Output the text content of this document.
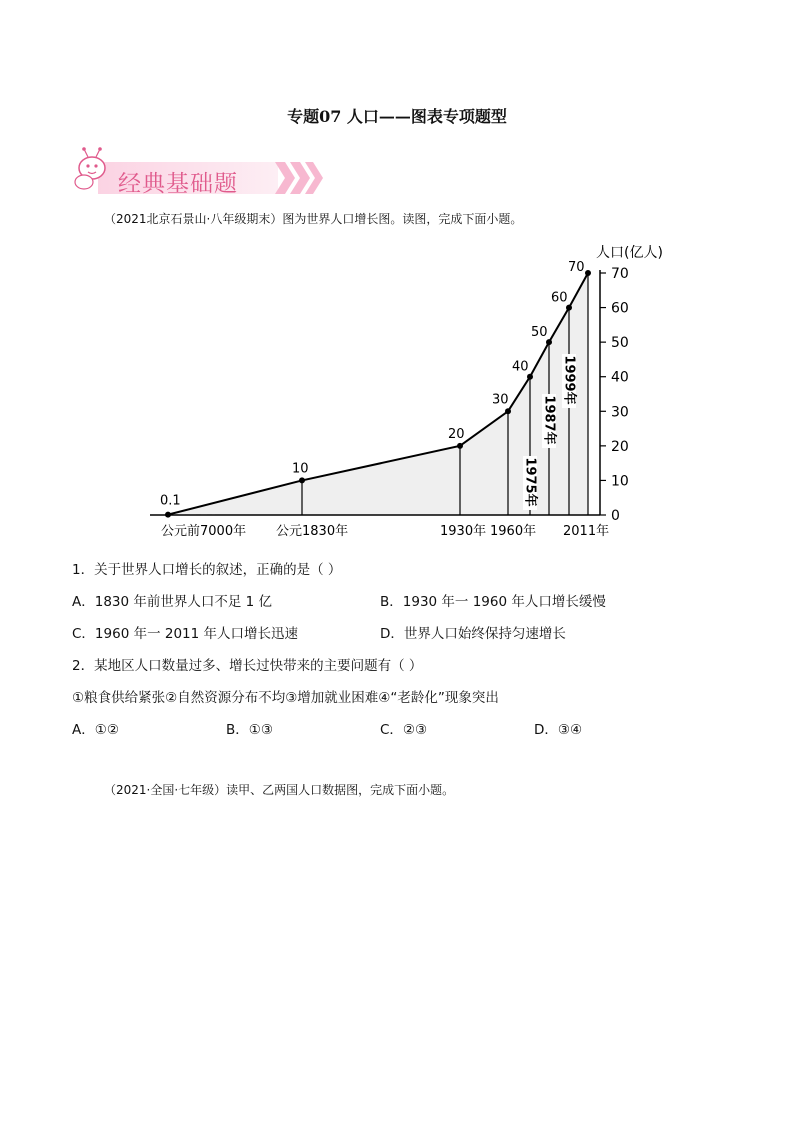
专题07 人口——图表专项题型
经典基础题
（2021北京石景山·八年级期末）图为世界人口增长图。读图，完成下面小题。
0
10
20
30
40
50
60
70
0.1
10
20
30
40
50
60
70
公元前7000年 公元1830年	1930年 1960年 2011年
1975年
1987年
1999年
人口(亿人)
1．关于世界人口增长的叙述，正确的是（ ）
A．1830 年前世界人口不足 1 亿	B．1930 年一 1960 年人口增长缓慢
C．1960 年一 2011 年人口增长迅速	D．世界人口始终保持匀速增长
2．某地区人口数量过多、增长过快带来的主要问题有（ ）
①粮食供给紧张②自然资源分布不均③增加就业困难④“老龄化”现象突出
A．①②	B．①③	C．②③	D．③④
（2021·全国·七年级）读甲、乙两国人口数据图，完成下面小题。
